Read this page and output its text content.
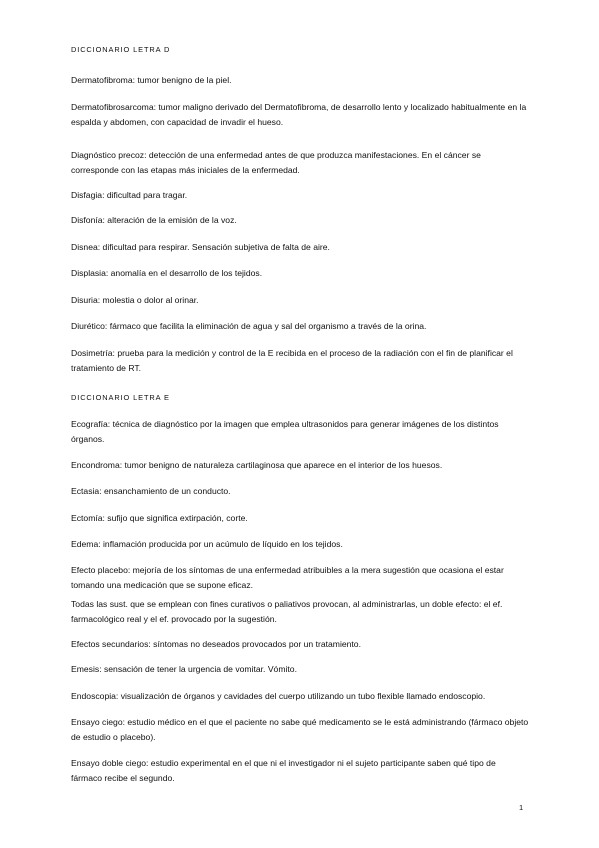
DICCIONARIO LETRA D

Dermatofibroma: tumor benigno de la piel.

Dermatofibrosarcoma: tumor maligno derivado del Dermatofibroma, de desarrollo lento y localizado habitualmente en la espalda y abdomen, con capacidad de invadir el hueso.

Diagnóstico precoz: detección de una enfermedad antes de que produzca manifestaciones. En el cáncer se corresponde con las etapas más iniciales de la enfermedad.

Disfagia: dificultad para tragar.

Disfonía: alteración de la emisión de la voz.

Disnea: dificultad para respirar. Sensación subjetiva de falta de aire.

Displasia: anomalía en el desarrollo de los tejidos.

Disuria: molestia o dolor al orinar.

Diurético: fármaco que facilita la eliminación de agua y sal del organismo a través de la orina.

Dosimetría: prueba para la medición y control de la E recibida en el proceso de la radiación con el fin de planificar el tratamiento de RT.

DICCIONARIO LETRA E

Ecografía: técnica de diagnóstico por la imagen que emplea ultrasonidos para generar imágenes de los distintos órganos.

Encondroma: tumor benigno de naturaleza cartilaginosa que aparece en el interior de los huesos.

Ectasia: ensanchamiento de un conducto.

Ectomía: sufijo que significa extirpación, corte.

Edema: inflamación producida por un acúmulo de líquido en los tejidos.

Efecto placebo: mejoría de los síntomas de una enfermedad atribuibles a la mera sugestión que ocasiona el estar tomando una medicación que se supone eficaz.

Todas las sust. que se emplean con fines curativos o paliativos provocan, al administrarlas, un doble efecto: el ef. farmacológico real y el ef. provocado por la sugestión.

Efectos secundarios: síntomas no deseados provocados por un tratamiento.

Emesis: sensación de tener la urgencia de vomitar. Vómito.

Endoscopia: visualización de órganos y cavidades del cuerpo utilizando un tubo flexible llamado endoscopio.

Ensayo ciego: estudio médico en el que el paciente no sabe qué medicamento se le está administrando (fármaco objeto de estudio o placebo).

Ensayo doble ciego: estudio experimental en el que ni el investigador ni el sujeto participante saben qué tipo de fármaco recibe el segundo.

1
